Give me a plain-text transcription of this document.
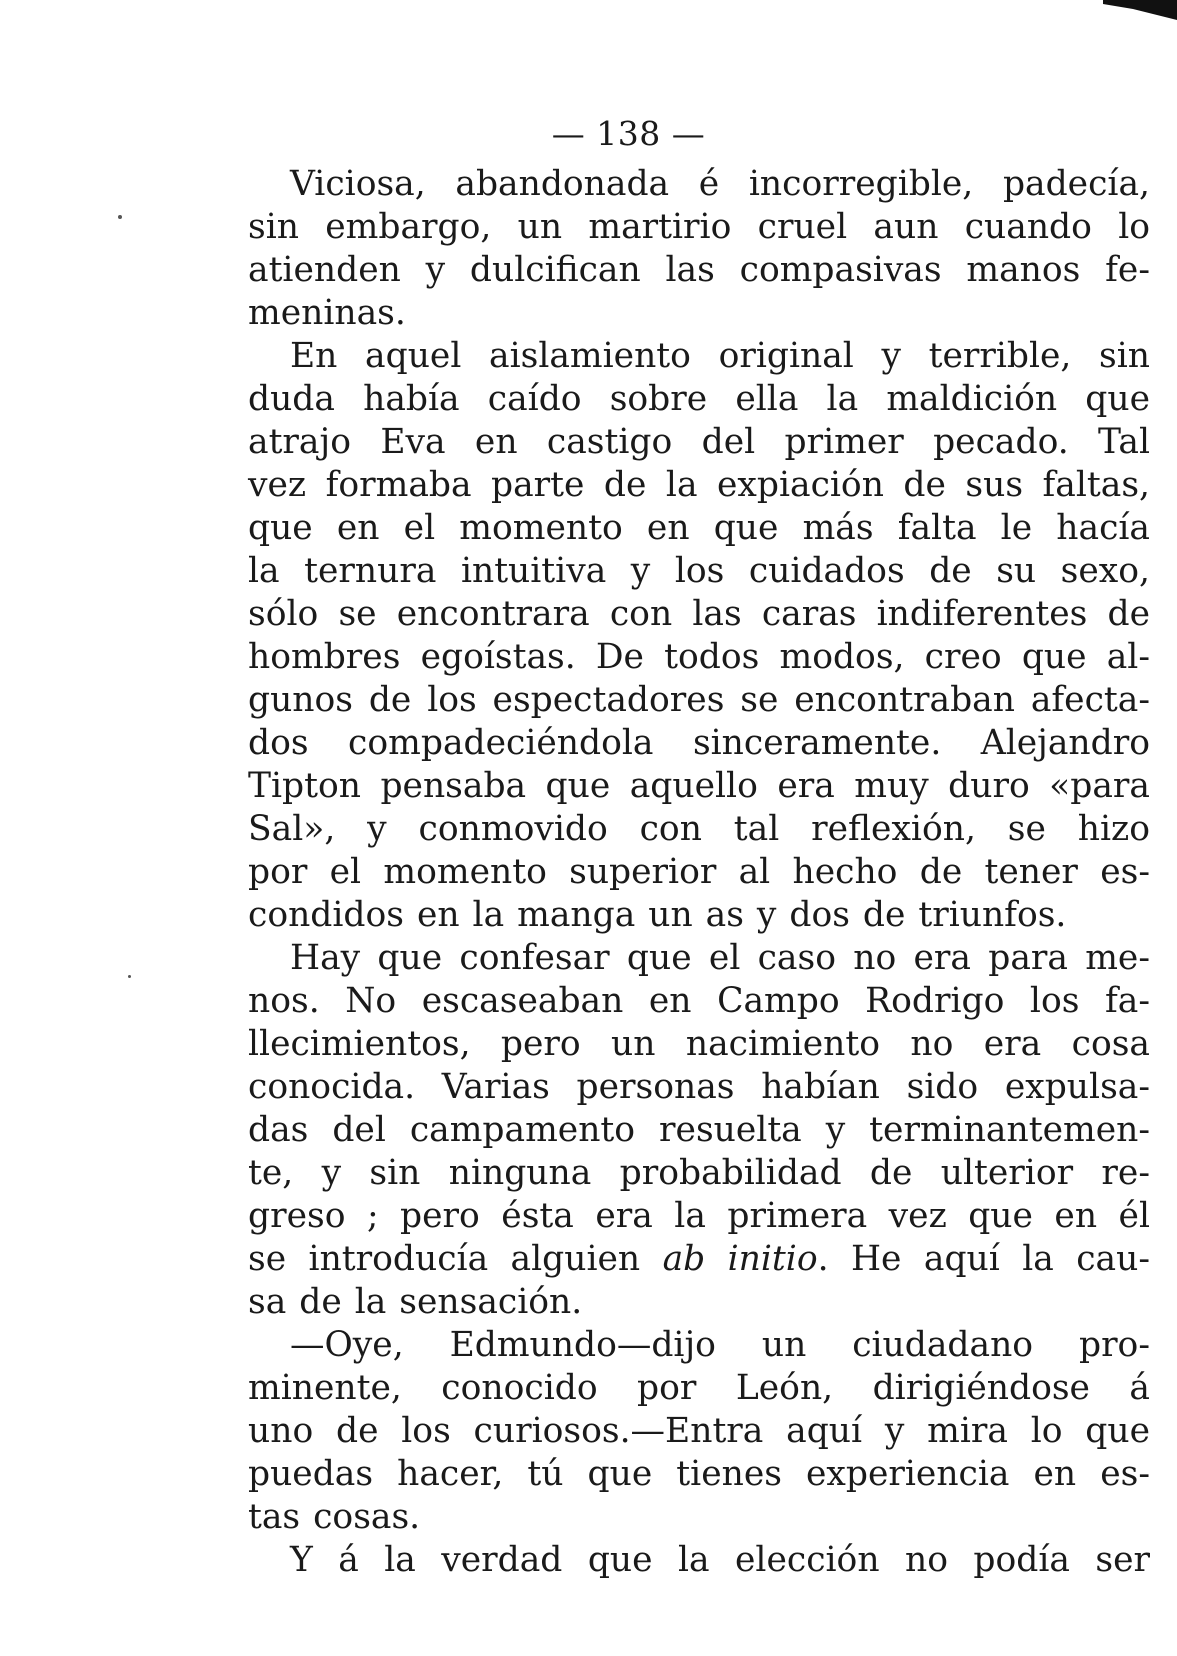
— 138 —
Viciosa, abandonada é incorregible, padecía,
sin embargo, un martirio cruel aun cuando lo
atienden y dulcifican las compasivas manos fe-
meninas.
En aquel aislamiento original y terrible, sin
duda había caído sobre ella la maldición que
atrajo Eva en castigo del primer pecado. Tal
vez formaba parte de la expiación de sus faltas,
que en el momento en que más falta le hacía
la ternura intuitiva y los cuidados de su sexo,
sólo se encontrara con las caras indiferentes de
hombres egoístas. De todos modos, creo que al-
gunos de los espectadores se encontraban afecta-
dos compadeciéndola sinceramente. Alejandro
Tipton pensaba que aquello era muy duro «para
Sal», y conmovido con tal reflexión, se hizo
por el momento superior al hecho de tener es-
condidos en la manga un as y dos de triunfos.
Hay que confesar que el caso no era para me-
nos. No escaseaban en Campo Rodrigo los fa-
llecimientos, pero un nacimiento no era cosa
conocida. Varias personas habían sido expulsa-
das del campamento resuelta y terminantemen-
te, y sin ninguna probabilidad de ulterior re-
greso ; pero ésta era la primera vez que en él
se introducía alguien ab initio. He aquí la cau-
sa de la sensación.
—Oye, Edmundo—dijo un ciudadano pro-
minente, conocido por León, dirigiéndose á
uno de los curiosos.—Entra aquí y mira lo que
puedas hacer, tú que tienes experiencia en es-
tas cosas.
Y á la verdad que la elección no podía ser
